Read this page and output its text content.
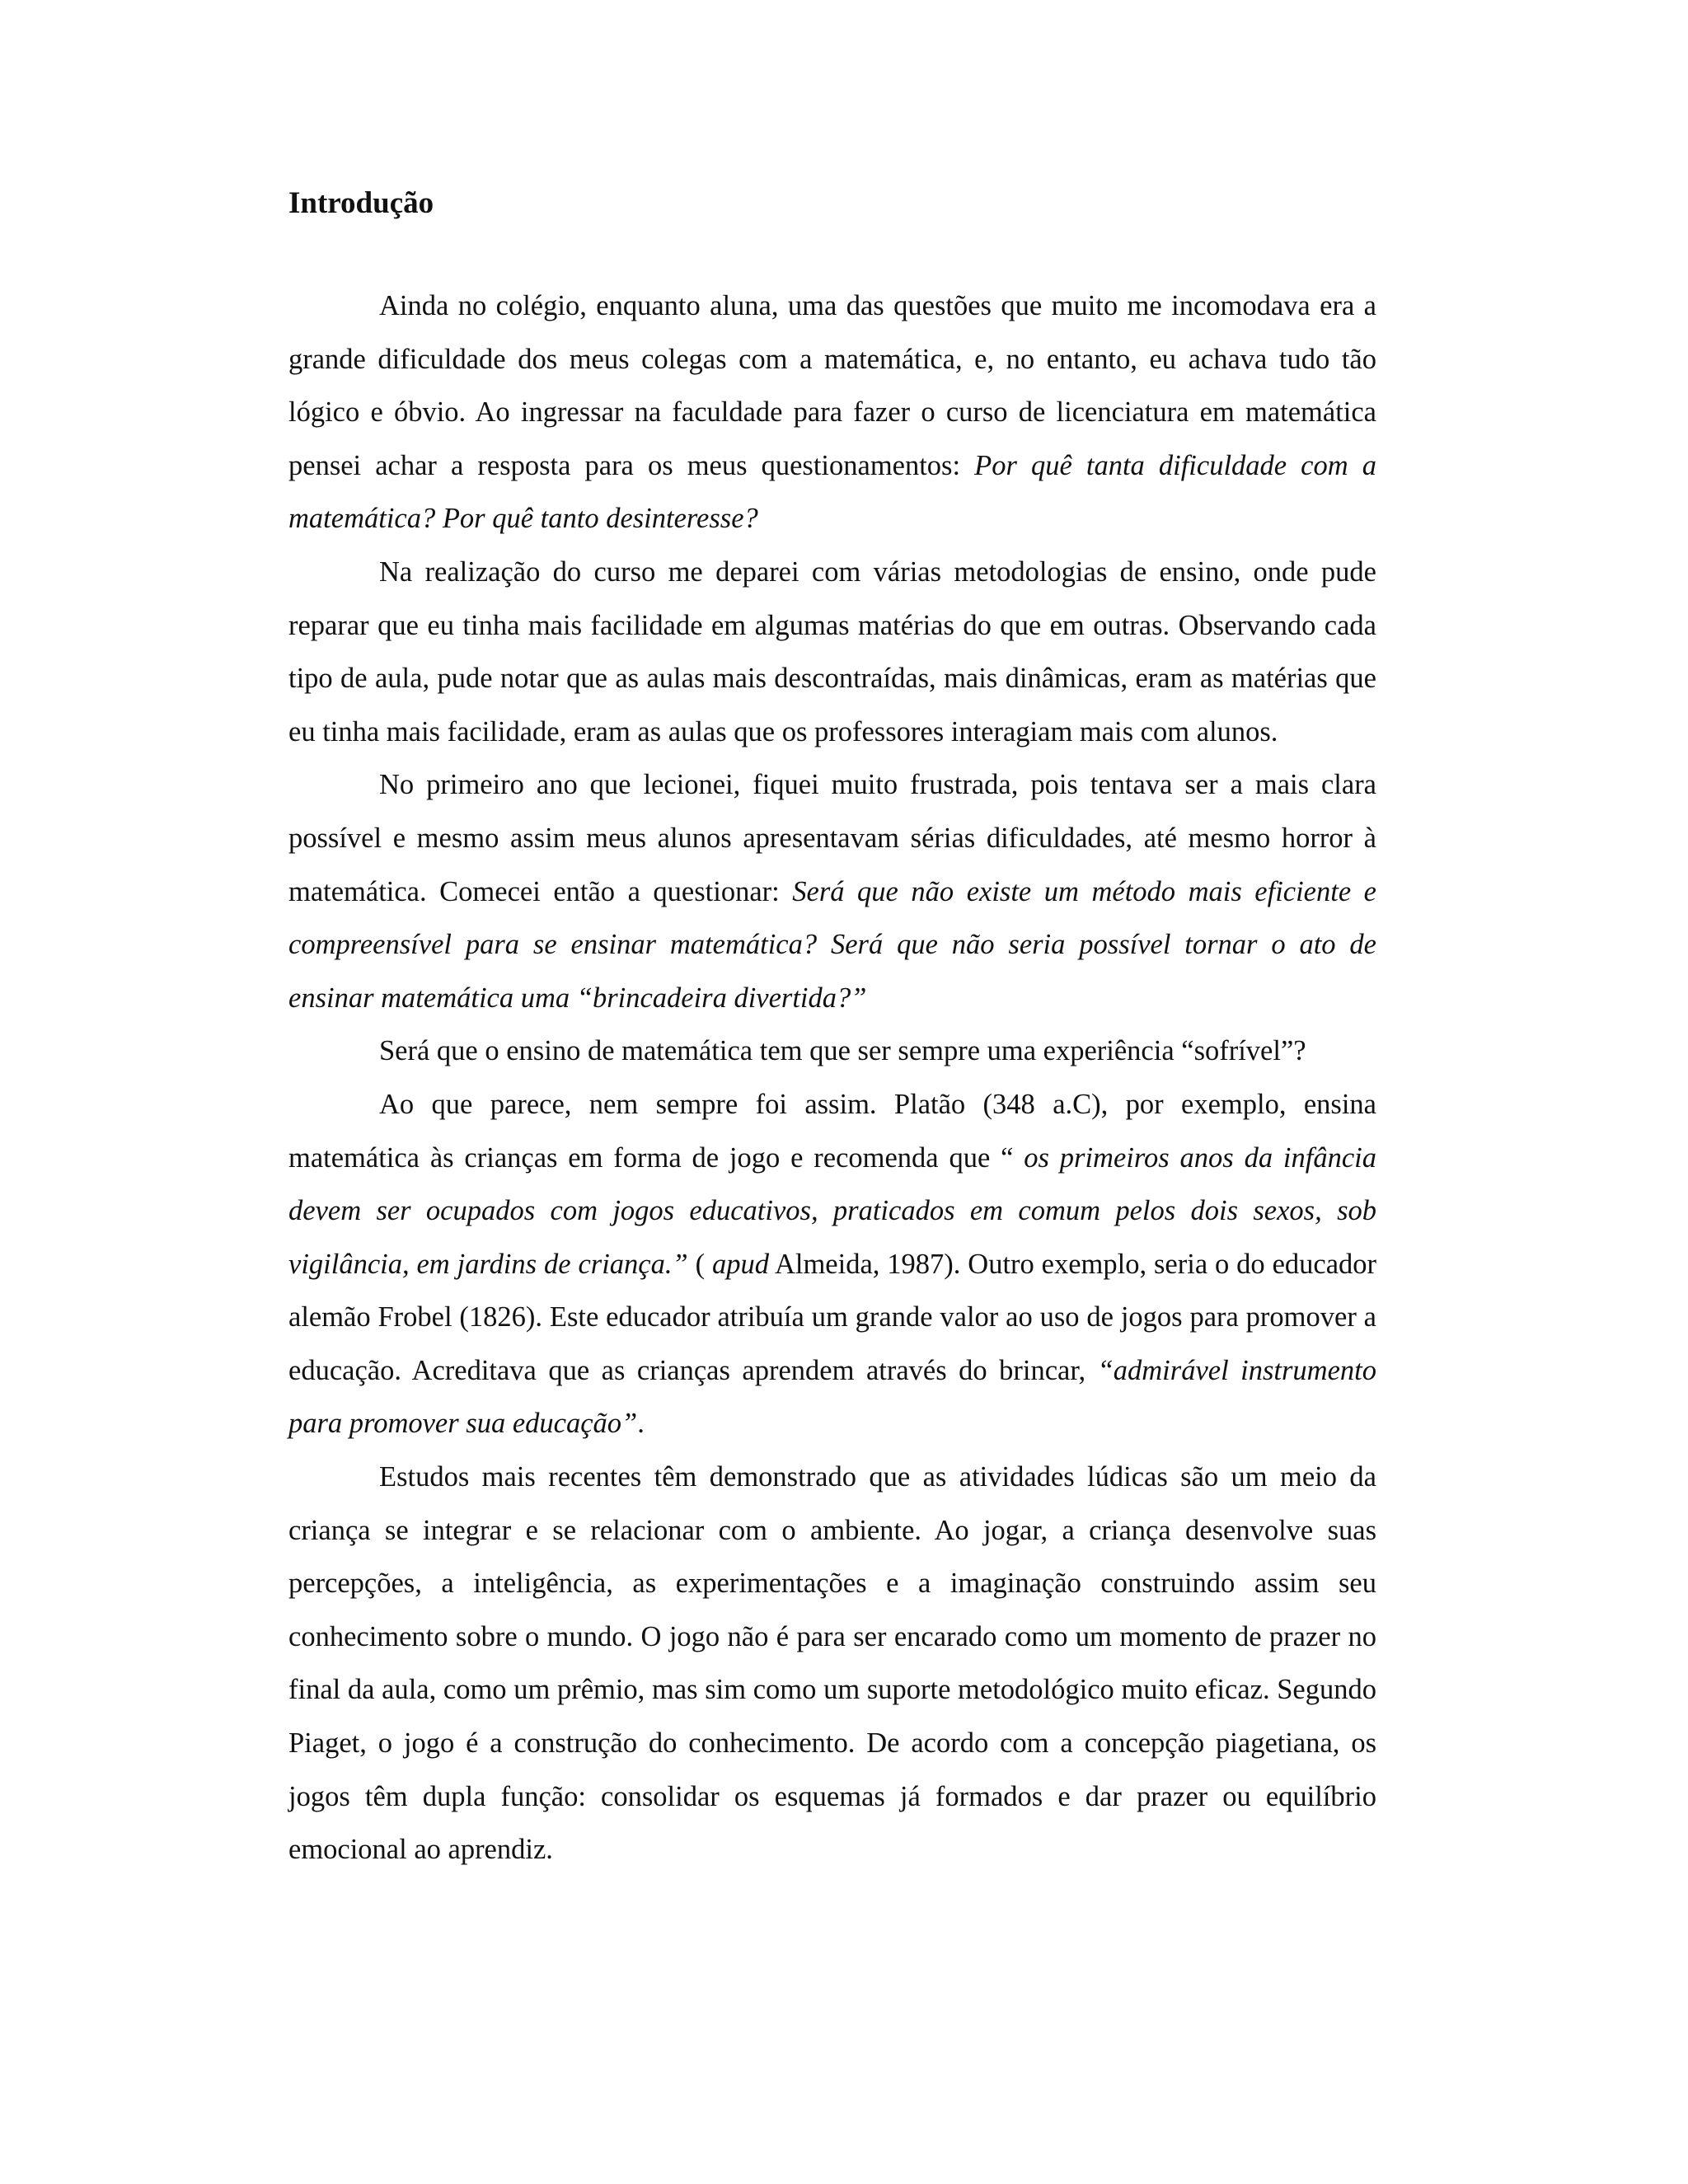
Introdução

Ainda no colégio, enquanto aluna, uma das questões que muito me incomodava era a grande dificuldade dos meus colegas com a matemática, e, no entanto, eu achava tudo tão lógico e óbvio. Ao ingressar na faculdade para fazer o curso de licenciatura em matemática pensei achar a resposta para os meus questionamentos: Por quê tanta dificuldade com a matemática? Por quê tanto desinteresse?

Na realização do curso me deparei com várias metodologias de ensino, onde pude reparar que eu tinha mais facilidade em algumas matérias do que em outras. Observando cada tipo de aula, pude notar que as aulas mais descontraídas, mais dinâmicas, eram as matérias que eu tinha mais facilidade, eram as aulas que os professores interagiam mais com alunos.

No primeiro ano que lecionei, fiquei muito frustrada, pois tentava ser a mais clara possível e mesmo assim meus alunos apresentavam sérias dificuldades, até mesmo horror à matemática. Comecei então a questionar: Será que não existe um método mais eficiente e compreensível para se ensinar matemática? Será que não seria possível tornar o ato de ensinar matemática uma “brincadeira divertida?”

Será que o ensino de matemática tem que ser sempre uma experiência “sofrível”?

Ao que parece, nem sempre foi assim. Platão (348 a.C), por exemplo, ensina matemática às crianças em forma de jogo e recomenda que “ os primeiros anos da infância devem ser ocupados com jogos educativos, praticados em comum pelos dois sexos, sob vigilância, em jardins de criança.” ( apud Almeida, 1987). Outro exemplo, seria o do educador alemão Frobel (1826). Este educador atribuía um grande valor ao uso de jogos para promover a educação. Acreditava que as crianças aprendem através do brincar, “admirável instrumento para promover sua educação”.

Estudos mais recentes têm demonstrado que as atividades lúdicas são um meio da criança se integrar e se relacionar com o ambiente. Ao jogar, a criança desenvolve suas percepções, a inteligência, as experimentações e a imaginação construindo assim seu conhecimento sobre o mundo. O jogo não é para ser encarado como um momento de prazer no final da aula, como um prêmio, mas sim como um suporte metodológico muito eficaz. Segundo Piaget, o jogo é a construção do conhecimento. De acordo com a concepção piagetiana, os jogos têm dupla função: consolidar os esquemas já formados e dar prazer ou equilíbrio emocional ao aprendiz.
